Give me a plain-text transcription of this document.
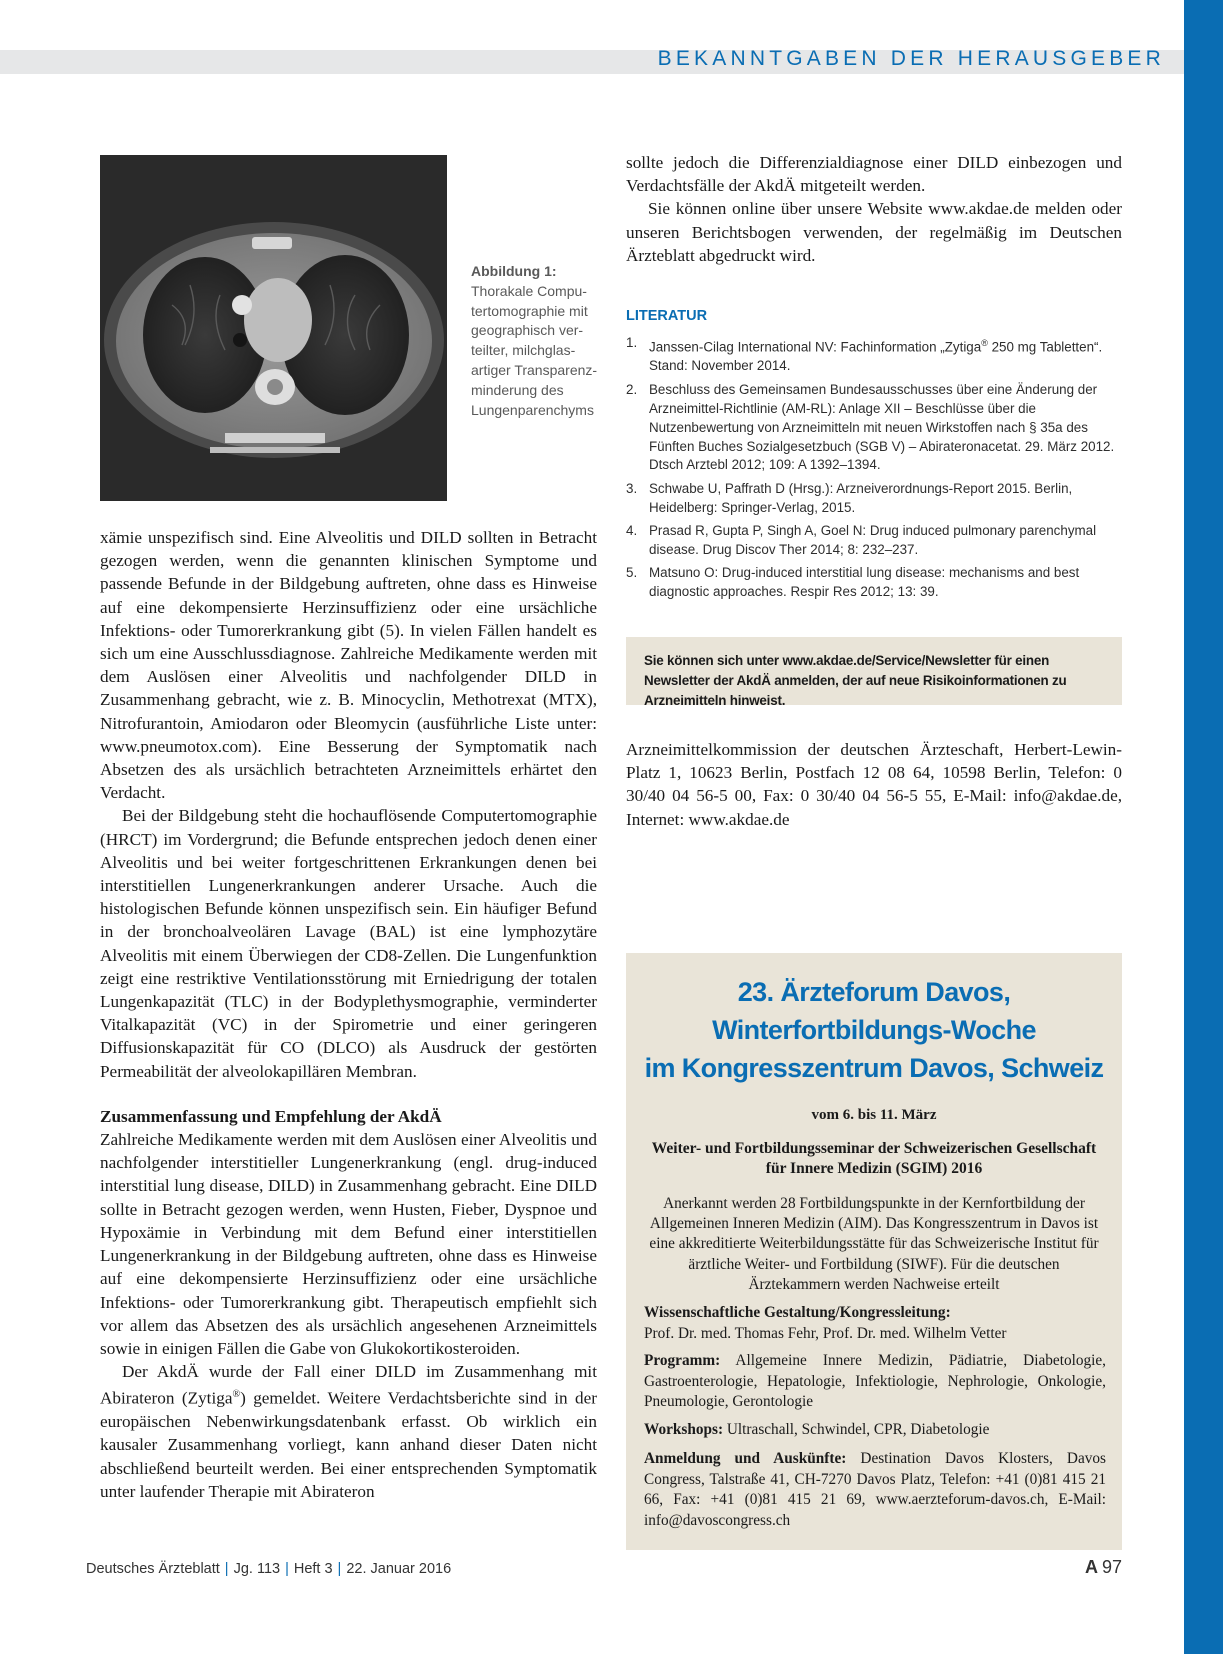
BEKANNTGABEN DER HERAUSGEBER
Abbildung 1:
Thorakale Compu-
tertomographie mit
geographisch ver-
teilter, milchglas-
artiger Transparenz-
minderung des
Lungenparenchyms

xämie unspezifisch sind. Eine Alveolitis und DILD sollten in Betracht gezogen werden, wenn die genannten klinischen Symptome und passende Befunde in der Bildgebung auftreten, ohne dass es Hinweise auf eine dekompensierte Herzinsuffizienz oder eine ursächliche Infektions- oder Tumorerkrankung gibt (5). In vielen Fällen handelt es sich um eine Ausschlussdiagnose. Zahlreiche Medikamente werden mit dem Auslösen einer Alveolitis und nachfolgender DILD in Zusammenhang gebracht, wie z. B. Minocyclin, Methotrexat (MTX), Nitrofurantoin, Amiodaron oder Bleomycin (ausführliche Liste unter: www.pneumotox.com). Eine Besserung der Symptomatik nach Absetzen des als ursächlich betrachteten Arzneimittels erhärtet den Verdacht.

Bei der Bildgebung steht die hochauflösende Computertomographie (HRCT) im Vordergrund; die Befunde entsprechen jedoch denen einer Alveolitis und bei weiter fortgeschrittenen Erkrankungen denen bei interstitiellen Lungenerkrankungen anderer Ursache. Auch die histologischen Befunde können unspezifisch sein. Ein häufiger Befund in der bronchoalveolären Lavage (BAL) ist eine lymphozytäre Alveolitis mit einem Überwiegen der CD8-Zellen. Die Lungenfunktion zeigt eine restriktive Ventilationsstörung mit Erniedrigung der totalen Lungenkapazität (TLC) in der Bodyplethysmographie, verminderter Vitalkapazität (VC) in der Spirometrie und einer geringeren Diffusionskapazität für CO (DLCO) als Ausdruck der gestörten Permeabilität der alveolokapillären Membran.

Zusammenfassung und Empfehlung der AkdÄ

Zahlreiche Medikamente werden mit dem Auslösen einer Alveolitis und nachfolgender interstitieller Lungenerkrankung (engl. drug-induced interstitial lung disease, DILD) in Zusammenhang gebracht. Eine DILD sollte in Betracht gezogen werden, wenn Husten, Fieber, Dyspnoe und Hypoxämie in Verbindung mit dem Befund einer interstitiellen Lungenerkrankung in der Bildgebung auftreten, ohne dass es Hinweise auf eine dekompensierte Herzinsuffizienz oder eine ursächliche Infektions- oder Tumorerkrankung gibt. Therapeutisch empfiehlt sich vor allem das Absetzen des als ursächlich angesehenen Arzneimittels sowie in einigen Fällen die Gabe von Glukokortikosteroiden.

Der AkdÄ wurde der Fall einer DILD im Zusammenhang mit Abirateron (Zytiga®) gemeldet. Weitere Verdachtsberichte sind in der europäischen Nebenwirkungsdatenbank erfasst. Ob wirklich ein kausaler Zusammenhang vorliegt, kann anhand dieser Daten nicht abschließend beurteilt werden. Bei einer entsprechenden Symptomatik unter laufender Therapie mit Abirateron

sollte jedoch die Differenzialdiagnose einer DILD einbezogen und Verdachtsfälle der AkdÄ mitgeteilt werden.

Sie können online über unsere Website www.akdae.de melden oder unseren Berichtsbogen verwenden, der regelmäßig im Deutschen Ärzteblatt abgedruckt wird.

LITERATUR
1. Janssen-Cilag International NV: Fachinformation „Zytiga® 250 mg Tabletten“. Stand: November 2014.
2. Beschluss des Gemeinsamen Bundesausschusses über eine Änderung der Arzneimittel-Richtlinie (AM-RL): Anlage XII – Beschlüsse über die Nutzenbewertung von Arzneimitteln mit neuen Wirkstoffen nach § 35a des Fünften Buches Sozialgesetzbuch (SGB V) – Abirateronacetat. 29. März 2012. Dtsch Arztebl 2012; 109: A 1392–1394.
3. Schwabe U, Paffrath D (Hrsg.): Arzneiverordnungs-Report 2015. Berlin, Heidelberg: Springer-Verlag, 2015.
4. Prasad R, Gupta P, Singh A, Goel N: Drug induced pulmonary parenchymal disease. Drug Discov Ther 2014; 8: 232–237.
5. Matsuno O: Drug-induced interstitial lung disease: mechanisms and best diagnostic approaches. Respir Res 2012; 13: 39.
Sie können sich unter www.akdae.de/Service/Newsletter für einen Newsletter der AkdÄ anmelden, der auf neue Risikoinformationen zu Arzneimitteln hinweist.

Arzneimittelkommission der deutschen Ärzteschaft, Herbert-Lewin-Platz 1, 10623 Berlin, Postfach 12 08 64, 10598 Berlin, Telefon: 0 30/40 04 56-5 00, Fax: 0 30/40 04 56-5 55, E-Mail: info@akdae.de, Internet: www.akdae.de

23. Ärzteforum Davos,
Winterfortbildungs-Woche
im Kongresszentrum Davos, Schweiz
vom 6. bis 11. März
Weiter- und Fortbildungsseminar der Schweizerischen Gesellschaft für Innere Medizin (SGIM) 2016
Anerkannt werden 28 Fortbildungspunkte in der Kernfortbildung der Allgemeinen Inneren Medizin (AIM). Das Kongresszentrum in Davos ist eine akkreditierte Weiterbildungsstätte für das Schweizerische Institut für ärztliche Weiter- und Fortbildung (SIWF). Für die deutschen Ärztekammern werden Nachweise erteilt
Wissenschaftliche Gestaltung/Kongressleitung:
Prof. Dr. med. Thomas Fehr, Prof. Dr. med. Wilhelm Vetter
Programm: Allgemeine Innere Medizin, Pädiatrie, Diabetologie, Gastroenterologie, Hepatologie, Infektiologie, Nephrologie, Onkologie, Pneumologie, Gerontologie
Workshops: Ultraschall, Schwindel, CPR, Diabetologie
Anmeldung und Auskünfte: Destination Davos Klosters, Davos Congress, Talstraße 41, CH-7270 Davos Platz, Telefon: +41 (0)81 415 21 66, Fax: +41 (0)81 415 21 69, www.aerzteforum-davos.ch, E-Mail: info@davoscongress.ch
Deutsches Ärzteblatt | Jg. 113 | Heft 3 | 22. Januar 2016	A 97
